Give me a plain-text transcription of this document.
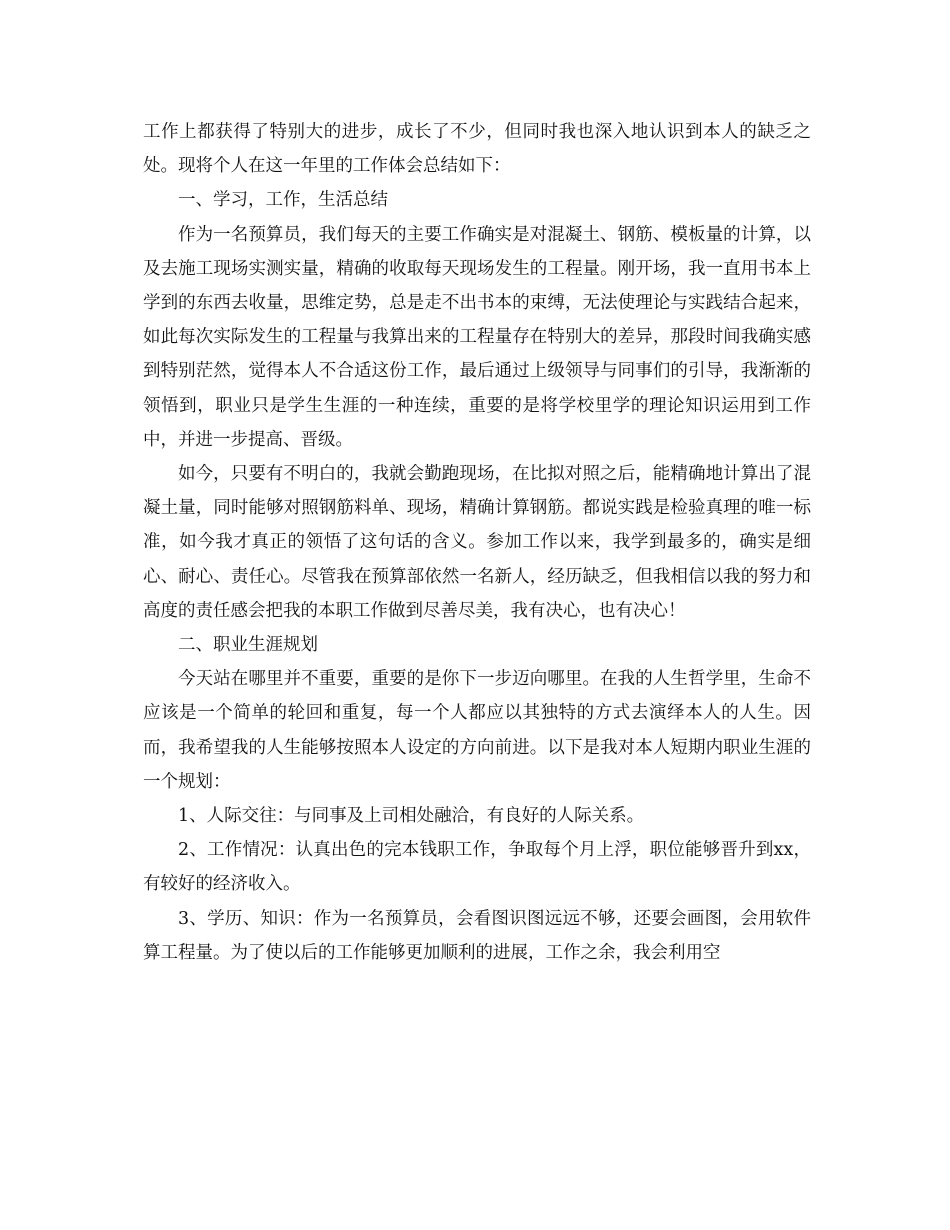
工作上都获得了特别大的进步，成长了不少，但同时我也深入地认识到本人的缺乏之处。现将个人在这一年里的工作体会总结如下：

一、学习，工作，生活总结

作为一名预算员，我们每天的主要工作确实是对混凝土、钢筋、模板量的计算，以及去施工现场实测实量，精确的收取每天现场发生的工程量。刚开场，我一直用书本上学到的东西去收量，思维定势，总是走不出书本的束缚，无法使理论与实践结合起来，如此每次实际发生的工程量与我算出来的工程量存在特别大的差异，那段时间我确实感到特别茫然，觉得本人不合适这份工作，最后通过上级领导与同事们的引导，我渐渐的领悟到，职业只是学生生涯的一种连续，重要的是将学校里学的理论知识运用到工作中，并进一步提高、晋级。

如今，只要有不明白的，我就会勤跑现场，在比拟对照之后，能精确地计算出了混凝土量，同时能够对照钢筋料单、现场，精确计算钢筋。都说实践是检验真理的唯一标准，如今我才真正的领悟了这句话的含义。参加工作以来，我学到最多的，确实是细心、耐心、责任心。尽管我在预算部依然一名新人，经历缺乏，但我相信以我的努力和高度的责任感会把我的本职工作做到尽善尽美，我有决心，也有决心！

二、职业生涯规划

今天站在哪里并不重要，重要的是你下一步迈向哪里。在我的人生哲学里，生命不应该是一个简单的轮回和重复，每一个人都应以其独特的方式去演绎本人的人生。因而，我希望我的人生能够按照本人设定的方向前进。以下是我对本人短期内职业生涯的一个规划：

1、人际交往：与同事及上司相处融洽，有良好的人际关系。

2、工作情况：认真出色的完本钱职工作，争取每个月上浮，职位能够晋升到xx，有较好的经济收入。

3、学历、知识：作为一名预算员，会看图识图远远不够，还要会画图，会用软件算工程量。为了使以后的工作能够更加顺利的进展，工作之余，我会利用空
